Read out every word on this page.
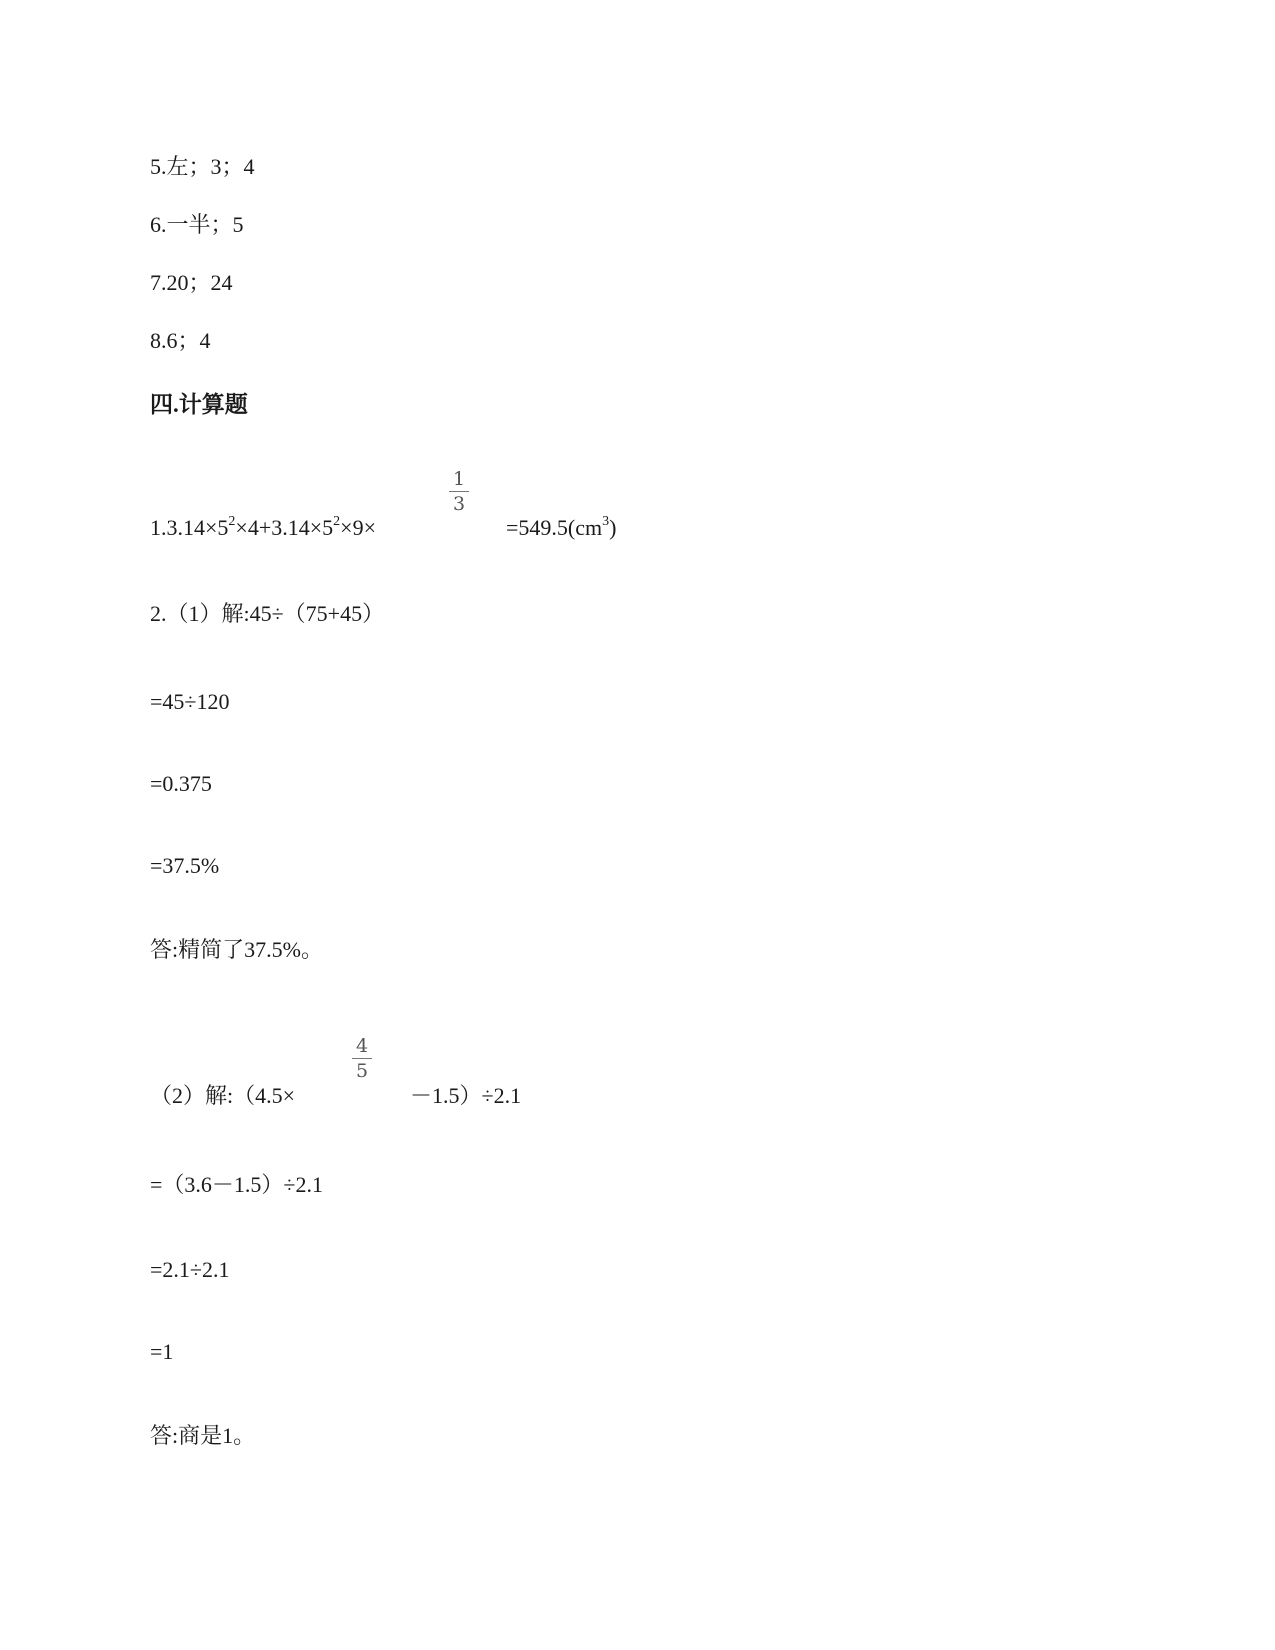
5.左；3；4
6.一半；5
7.20；24
8.6；4
四.计算题
$1.3.14\times 5^2\times 4+3.14\times 5^2\times 9\times$
1
3
$=549.5(cm^3)$
2.（1）解:45÷（75+45）
=45÷120
=0.375
=37.5%
答:精简了37.5%。
（2）解:（4.5×
4
5
－1.5）÷2.1
=（3.6－1.5）÷2.1
=2.1÷2.1
=1
答:商是1。
